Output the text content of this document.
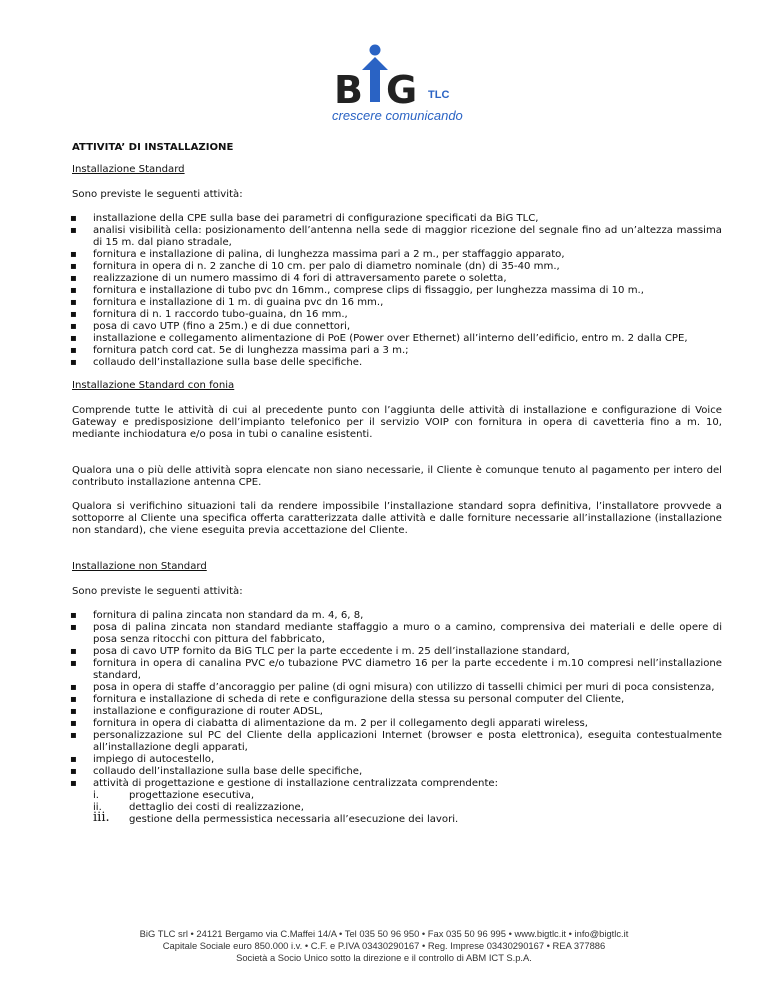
B G TLC
crescere comunicando
ATTIVITA’ DI INSTALLAZIONE
Installazione Standard
Sono previste le seguenti attività:
▪ installazione della CPE sulla base dei parametri di configurazione specificati da BiG TLC,
▪ analisi visibilità cella: posizionamento dell’antenna nella sede di maggior ricezione del segnale fino ad un’altezza massima di 15 m. dal piano stradale,
▪ fornitura e installazione di palina, di lunghezza massima pari a 2 m., per staffaggio apparato,
▪ fornitura in opera di n. 2 zanche di 10 cm. per palo di diametro nominale (dn) di 35-40 mm.,
▪ realizzazione di un numero massimo di 4 fori di attraversamento parete o soletta,
▪ fornitura e installazione di tubo pvc dn 16mm., comprese clips di fissaggio, per lunghezza massima di 10 m.,
▪ fornitura e installazione di 1 m. di guaina pvc dn 16 mm.,
▪ fornitura di n. 1 raccordo tubo-guaina, dn 16 mm.,
▪ posa di cavo UTP (fino a 25m.) e di due connettori,
▪ installazione e collegamento alimentazione di PoE (Power over Ethernet) all’interno dell’edificio, entro m. 2 dalla CPE,
▪ fornitura patch cord cat. 5e di lunghezza massima pari a 3 m.;
▪ collaudo dell’installazione sulla base delle specifiche.
Installazione Standard con fonia
Comprende tutte le attività di cui al precedente punto con l’aggiunta delle attività di installazione e configurazione di Voice Gateway e predisposizione dell’impianto telefonico per il servizio VOIP con fornitura in opera di cavetteria fino a m. 10, mediante inchiodatura e/o posa in tubi o canaline esistenti.
Qualora una o più delle attività sopra elencate non siano necessarie, il Cliente è comunque tenuto al pagamento per intero del contributo installazione antenna CPE.
Qualora si verifichino situazioni tali da rendere impossibile l’installazione standard sopra definitiva, l’installatore provvede a sottoporre al Cliente una specifica offerta caratterizzata dalle attività e dalle forniture necessarie all’installazione (installazione non standard), che viene eseguita previa accettazione del Cliente.
Installazione non Standard
Sono previste le seguenti attività:
▪ fornitura di palina zincata non standard da m. 4, 6, 8,
▪ posa di palina zincata non standard mediante staffaggio a muro o a camino, comprensiva dei materiali e delle opere di posa senza ritocchi con pittura del fabbricato,
▪ posa di cavo UTP fornito da BiG TLC per la parte eccedente i m. 25 dell’installazione standard,
▪ fornitura in opera di canalina PVC e/o tubazione PVC diametro 16 per la parte eccedente i m.10 compresi nell’installazione standard,
▪ posa in opera di staffe d’ancoraggio per paline (di ogni misura) con utilizzo di tasselli chimici per muri di poca consistenza,
▪ fornitura e installazione di scheda di rete e configurazione della stessa su personal computer del Cliente,
▪ installazione e configurazione di router ADSL,
▪ fornitura in opera di ciabatta di alimentazione da m. 2 per il collegamento degli apparati wireless,
▪ personalizzazione sul PC del Cliente della applicazioni Internet (browser e posta elettronica), eseguita contestualmente all’installazione degli apparati,
▪ impiego di autocestello,
▪ collaudo dell’installazione sulla base delle specifiche,
▪ attività di progettazione e gestione di installazione centralizzata comprendente:
i.	progettazione esecutiva,
ii.	dettaglio dei costi di realizzazione,
iii. gestione della permessistica necessaria all’esecuzione dei lavori.
BiG TLC srl • 24121 Bergamo via C.Maffei 14/A • Tel 035 50 96 950 • Fax 035 50 96 995 • www.bigtlc.it • info@bigtlc.it
Capitale Sociale euro 850.000 i.v. • C.F. e P.IVA 03430290167 • Reg. Imprese 03430290167 • REA 377886
Società a Socio Unico sotto la direzione e il controllo di ABM ICT S.p.A.
